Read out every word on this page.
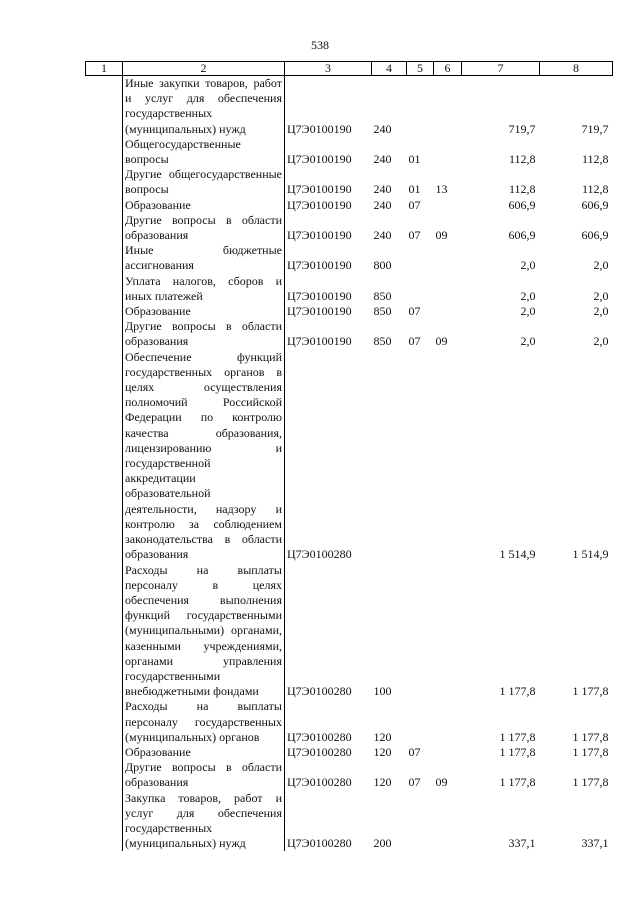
538
1	2	3	4	5	6	7	8
	Иные закупки товаров, работ и услуг для обеспечения государственных (муниципальных) нужд	Ц7Э0100190	240			719,7	719,7
	Общегосударственные вопросы	Ц7Э0100190	240	01		112,8	112,8
	Другие общегосударственные вопросы	Ц7Э0100190	240	01	13	112,8	112,8
	Образование	Ц7Э0100190	240	07		606,9	606,9
	Другие вопросы в области образования	Ц7Э0100190	240	07	09	606,9	606,9
	Иные бюджетные ассигнования	Ц7Э0100190	800			2,0	2,0
	Уплата налогов, сборов и иных платежей	Ц7Э0100190	850			2,0	2,0
	Образование	Ц7Э0100190	850	07		2,0	2,0
	Другие вопросы в области образования	Ц7Э0100190	850	07	09	2,0	2,0
	Обеспечение функций государственных органов в целях осуществления полномочий Российской Федерации по контролю качества образования, лицензированию и государственной аккредитации образовательной деятельности, надзору и контролю за соблюдением законодательства в области образования	Ц7Э0100280				1 514,9	1 514,9
	Расходы на выплаты персоналу в целях обеспечения выполнения функций государственными (муниципальными) органами, казенными учреждениями, органами управления государственными внебюджетными фондами	Ц7Э0100280	100			1 177,8	1 177,8
	Расходы на выплаты персоналу государственных (муниципальных) органов	Ц7Э0100280	120			1 177,8	1 177,8
	Образование	Ц7Э0100280	120	07		1 177,8	1 177,8
	Другие вопросы в области образования	Ц7Э0100280	120	07	09	1 177,8	1 177,8
	Закупка товаров, работ и услуг для обеспечения государственных (муниципальных) нужд	Ц7Э0100280	200			337,1	337,1
